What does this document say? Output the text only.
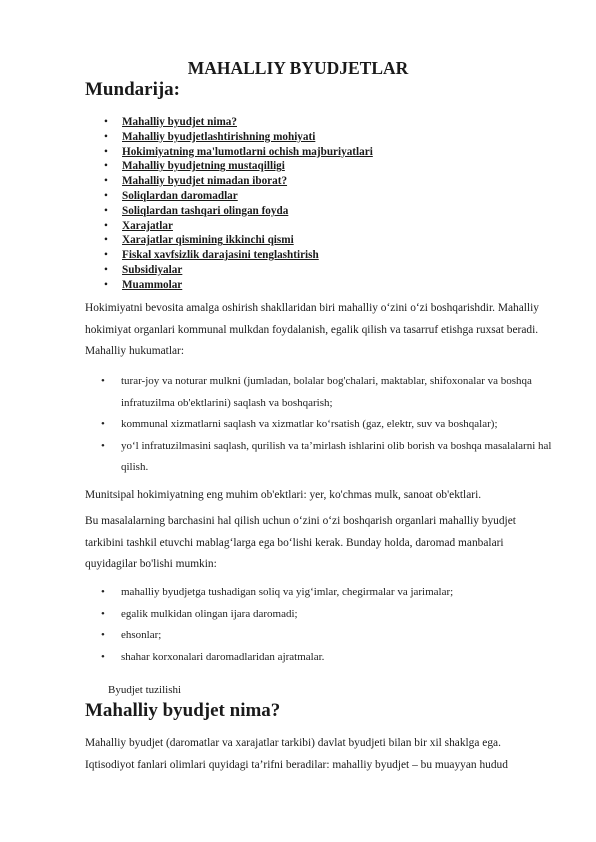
MAHALLIY BYUDJETLAR
Mundarija:
• Mahalliy byudjet nima?
• Mahalliy byudjetlashtirishning mohiyati
• Hokimiyatning ma'lumotlarni ochish majburiyatlari
• Mahalliy byudjetning mustaqilligi
• Mahalliy byudjet nimadan iborat?
• Soliqlardan daromadlar
• Soliqlardan tashqari olingan foyda
• Xarajatlar
• Xarajatlar qismining ikkinchi qismi
• Fiskal xavfsizlik darajasini tenglashtirish
• Subsidiyalar
• Muammolar

Hokimiyatni bevosita amalga oshirish shakllaridan biri mahalliy o‘zini o‘zi boshqarishdir. Mahalliy hokimiyat organlari kommunal mulkdan foydalanish, egalik qilish va tasarruf etishga ruxsat beradi. Mahalliy hukumatlar:

• turar-joy va noturar mulkni (jumladan, bolalar bog'chalari, maktablar, shifoxonalar va boshqa infratuzilma ob'ektlarini) saqlash va boshqarish;
• kommunal xizmatlarni saqlash va xizmatlar ko‘rsatish (gaz, elektr, suv va boshqalar);
• yo‘l infratuzilmasini saqlash, qurilish va ta’mirlash ishlarini olib borish va boshqa masalalarni hal qilish.

Munitsipal hokimiyatning eng muhim ob'ektlari: yer, ko'chmas mulk, sanoat ob'ektlari.

Bu masalalarning barchasini hal qilish uchun o‘zini o‘zi boshqarish organlari mahalliy byudjet tarkibini tashkil etuvchi mablag‘larga ega bo‘lishi kerak. Bunday holda, daromad manbalari quyidagilar bo'lishi mumkin:

• mahalliy byudjetga tushadigan soliq va yig‘imlar, chegirmalar va jarimalar;
• egalik mulkidan olingan ijara daromadi;
• ehsonlar;
• shahar korxonalari daromadlaridan ajratmalar.
Byudjet tuzilishi
Mahalliy byudjet nima?

Mahalliy byudjet (daromatlar va xarajatlar tarkibi) davlat byudjeti bilan bir xil shaklga ega. Iqtisodiyot fanlari olimlari quyidagi ta’rifni beradilar: mahalliy byudjet – bu muayyan hudud
